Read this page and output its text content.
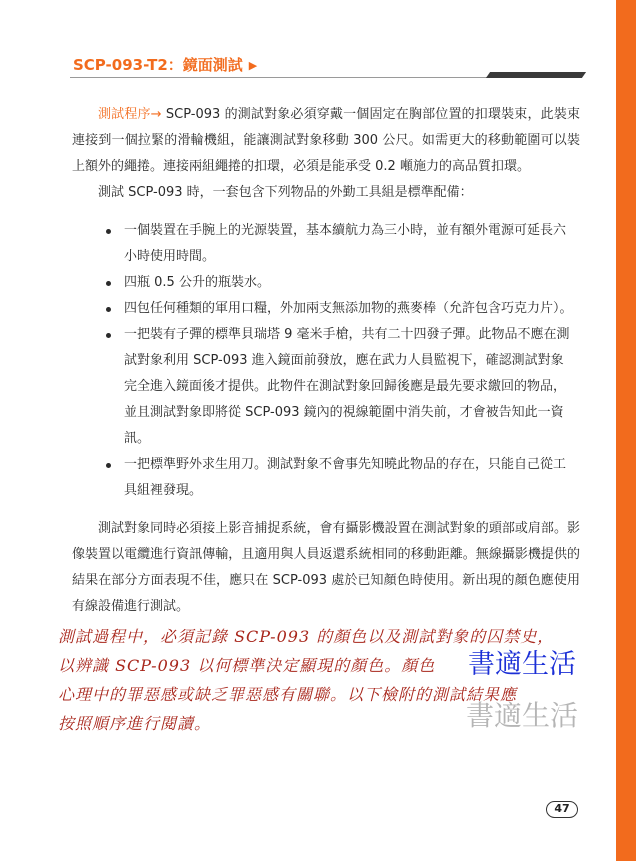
SCP-093-T2：鏡面測試 ▶

測試程序→ SCP-093 的測試對象必須穿戴一個固定在胸部位置的扣環裝束，此裝束連接到一個拉緊的滑輪機組，能讓測試對象移動 300 公尺。如需更大的移動範圍可以裝上額外的繩捲。連接兩組繩捲的扣環，必須是能承受 0.2 噸施力的高品質扣環。

測試 SCP-093 時，一套包含下列物品的外勤工具組是標準配備：

一個裝置在手腕上的光源裝置，基本續航力為三小時，並有額外電源可延長六小時使用時間。
四瓶 0.5 公升的瓶裝水。
四包任何種類的軍用口糧，外加兩支無添加物的燕麥棒（允許包含巧克力片）。
一把裝有子彈的標準貝瑞塔 9 毫米手槍，共有二十四發子彈。此物品不應在測試對象利用 SCP-093 進入鏡面前發放，應在武力人員監視下，確認測試對象完全進入鏡面後才提供。此物件在測試對象回歸後應是最先要求繳回的物品，並且測試對象即將從 SCP-093 鏡內的視線範圍中消失前，才會被告知此一資訊。
一把標準野外求生用刀。測試對象不會事先知曉此物品的存在，只能自己從工具組裡發現。

測試對象同時必須接上影音捕捉系統，會有攝影機設置在測試對象的頭部或肩部。影像裝置以電纜進行資訊傳輸，且適用與人員返還系統相同的移動距離。無線攝影機提供的結果在部分方面表現不佳，應只在 SCP-093 處於已知顏色時使用。新出現的顏色應使用有線設備進行測試。

測試過程中，必須記錄 SCP-093 的顏色以及測試對象的囚禁史，

以辨識 SCP-093 以何標準決定顯現的顏色。顏色

心理中的罪惡感或缺乏罪惡感有關聯。以下檢附的測試結果應

按照順序進行閱讀。

書適生活
書適生活
47
